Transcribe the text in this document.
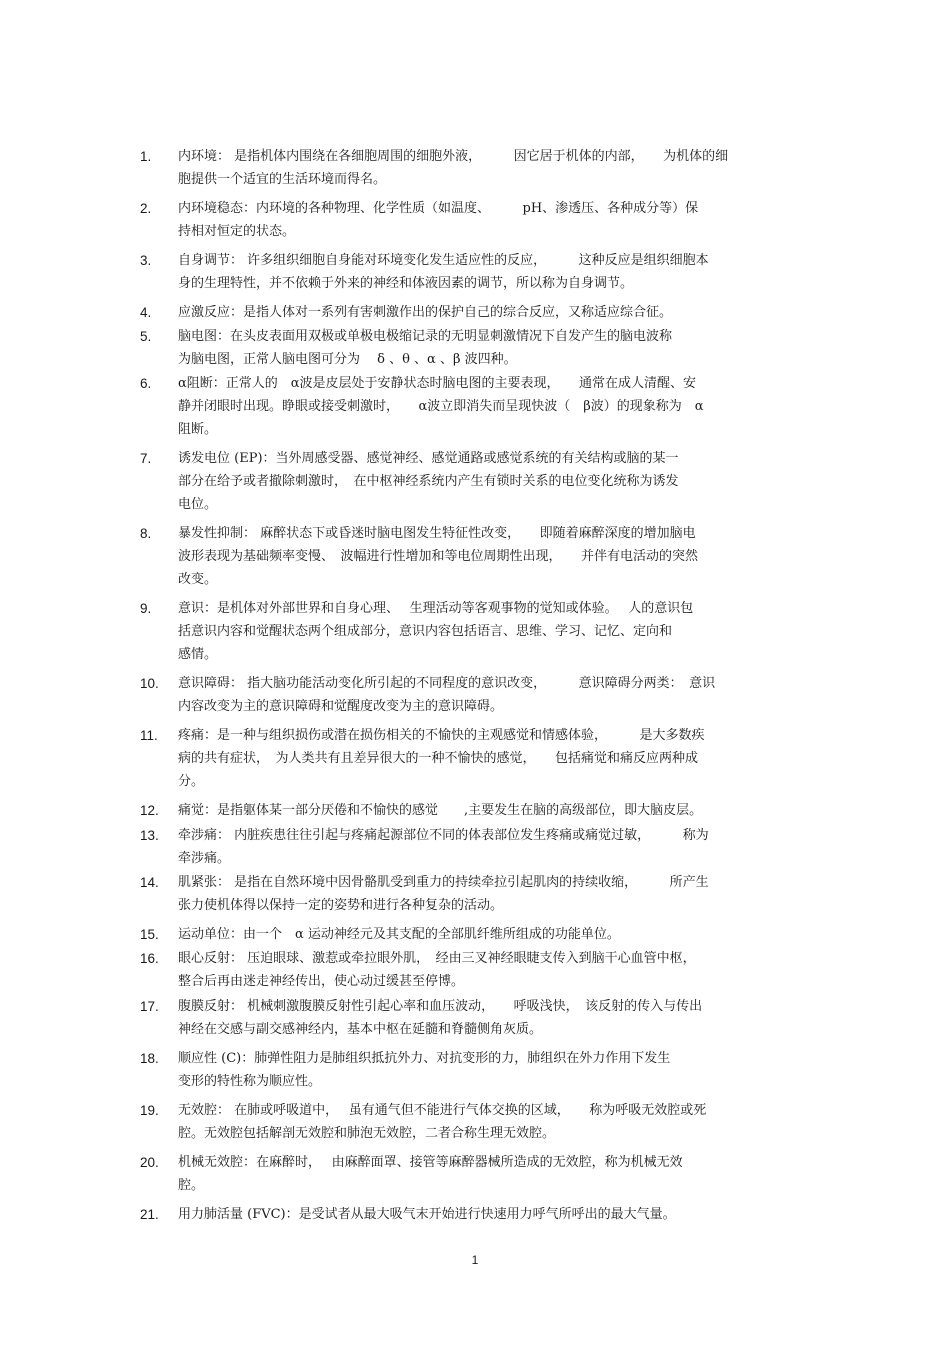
1. 内环境： 是指机体内围绕在各细胞周围的细胞外液，　　　因它居于机体的内部，　　为机体的细
胞提供一个适宜的生活环境而得名。
2. 内环境稳态：内环境的各种物理、化学性质（如温度、　　　pH、渗透压、各种成分等）保
持相对恒定的状态。
3. 自身调节： 许多组织细胞自身能对环境变化发生适应性的反应，　　　这种反应是组织细胞本
身的生理特性，并不依赖于外来的神经和体液因素的调节，所以称为自身调节。
4. 应激反应：是指人体对一系列有害刺激作出的保护自己的综合反应，又称适应综合征。
5. 脑电图：在头皮表面用双极或单极电极缩记录的无明显刺激情况下自发产生的脑电波称
为脑电图，正常人脑电图可分为　 δ 、θ 、α 、β 波四种。
6. α阻断：正常人的　α波是皮层处于安静状态时脑电图的主要表现，　　通常在成人清醒、安
静并闭眼时出现。睁眼或接受刺激时，　　α波立即消失而呈现快波（　β波）的现象称为　α
阻断。
7. 诱发电位 (EP)：当外周感受器、感觉神经、感觉通路或感觉系统的有关结构或脑的某一
部分在给予或者撤除刺激时，　在中枢神经系统内产生有锁时关系的电位变化统称为诱发
电位。
8. 暴发性抑制： 麻醉状态下或昏迷时脑电图发生特征性改变，　　即随着麻醉深度的增加脑电
波形表现为基础频率变慢、　波幅进行性增加和等电位周期性出现，　　并伴有电活动的突然
改变。
9. 意识：是机体对外部世界和自身心理、　 生理活动等客观事物的觉知或体验。　 人的意识包
括意识内容和觉醒状态两个组成部分，意识内容包括语言、思维、学习、记忆、定向和
感情。
10. 意识障碍： 指大脑功能活动变化所引起的不同程度的意识改变，　　　意识障碍分两类：　意识
内容改变为主的意识障碍和觉醒度改变为主的意识障碍。
11. 疼痛：是一种与组织损伤或潜在损伤相关的不愉快的主观感觉和情感体验，　　　是大多数疾
病的共有症状，　为人类共有且差异很大的一种不愉快的感觉，　　包括痛觉和痛反应两种成
分。
12. 痛觉：是指躯体某一部分厌倦和不愉快的感觉　　,主要发生在脑的高级部位，即大脑皮层。
13. 牵涉痛： 内脏疾患往往引起与疼痛起源部位不同的体表部位发生疼痛或痛觉过敏，　　　称为
牵涉痛。
14. 肌紧张： 是指在自然环境中因骨骼肌受到重力的持续牵拉引起肌肉的持续收缩，　　　所产生
张力使机体得以保持一定的姿势和进行各种复杂的活动。
15. 运动单位：由一个　α 运动神经元及其支配的全部肌纤维所组成的功能单位。
16. 眼心反射： 压迫眼球、激惹或牵拉眼外肌，　经由三叉神经眼睫支传入到脑干心血管中枢，
整合后再由迷走神经传出，使心动过缓甚至停博。
17. 腹膜反射： 机械刺激腹膜反射性引起心率和血压波动，　　呼吸浅快，　该反射的传入与传出
神经在交感与副交感神经内，基本中枢在延髓和脊髓侧角灰质。
18. 顺应性 (C)：肺弹性阻力是肺组织抵抗外力、对抗变形的力，肺组织在外力作用下发生
变形的特性称为顺应性。
19. 无效腔： 在肺或呼吸道中，　 虽有通气但不能进行气体交换的区域，　　称为呼吸无效腔或死
腔。无效腔包括解剖无效腔和肺泡无效腔，二者合称生理无效腔。
20. 机械无效腔：在麻醉时，　 由麻醉面罩、接管等麻醉器械所造成的无效腔，称为机械无效
腔。
21. 用力肺活量 (FVC)：是受试者从最大吸气末开始进行快速用力呼气所呼出的最大气量。
1
